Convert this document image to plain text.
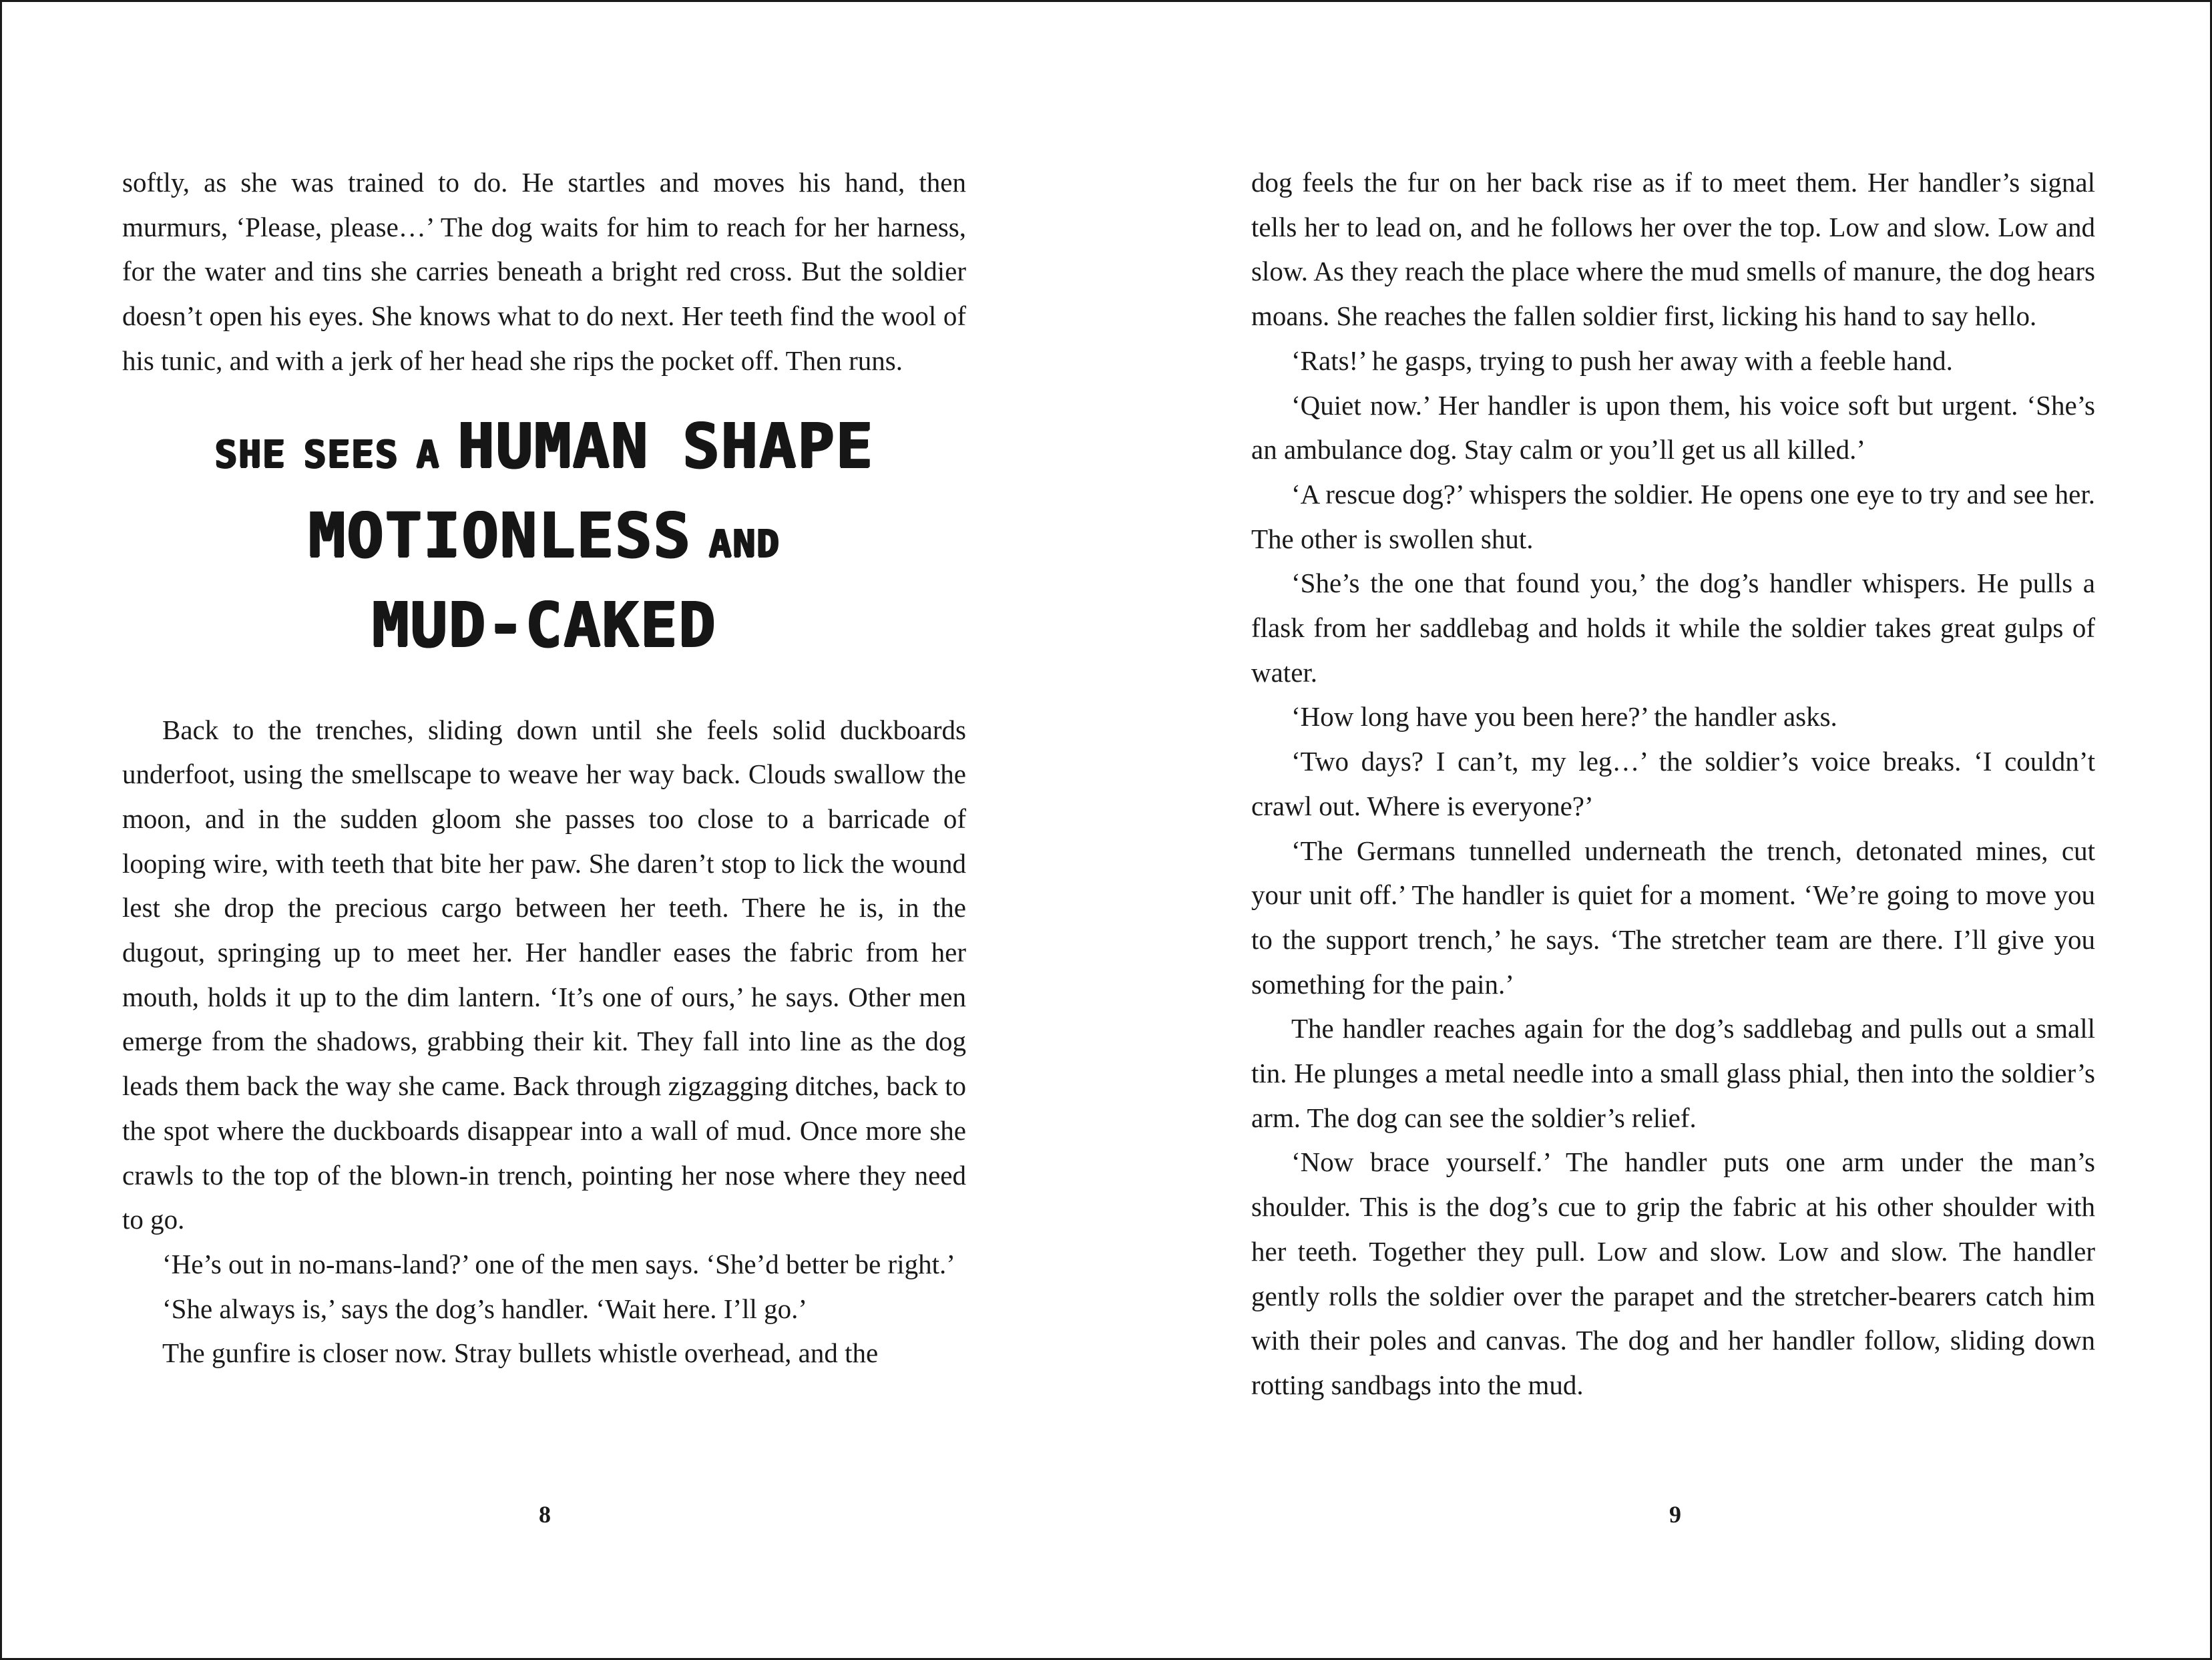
softly, as she was trained to do. He startles and moves his hand, then murmurs, ‘Please, please…’ The dog waits for him to reach for her harness, for the water and tins she carries beneath a bright red cross. But the soldier doesn’t open his eyes. She knows what to do next. Her teeth find the wool of his tunic, and with a jerk of her head she rips the pocket off. Then runs.

SHE SEES A HUMAN SHAPE
MOTIONLESS AND
MUD-CAKED

Back to the trenches, sliding down until she feels solid duckboards underfoot, using the smellscape to weave her way back. Clouds swallow the moon, and in the sudden gloom she passes too close to a barricade of looping wire, with teeth that bite her paw. She daren’t stop to lick the wound lest she drop the precious cargo between her teeth. There he is, in the dugout, springing up to meet her. Her handler eases the fabric from her mouth, holds it up to the dim lantern. ‘It’s one of ours,’ he says. Other men emerge from the shadows, grabbing their kit. They fall into line as the dog leads them back the way she came. Back through zigzagging ditches, back to the spot where the duckboards disappear into a wall of mud. Once more she crawls to the top of the blown-in trench, pointing her nose where they need to go.

‘He’s out in no-mans-land?’ one of the men says. ‘She’d better be right.’

‘She always is,’ says the dog’s handler. ‘Wait here. I’ll go.’

The gunfire is closer now. Stray bullets whistle overhead, and the

8

dog feels the fur on her back rise as if to meet them. Her handler’s signal tells her to lead on, and he follows her over the top. Low and slow. Low and slow. As they reach the place where the mud smells of manure, the dog hears moans. She reaches the fallen soldier first, licking his hand to say hello.

‘Rats!’ he gasps, trying to push her away with a feeble hand.

‘Quiet now.’ Her handler is upon them, his voice soft but urgent. ‘She’s an ambulance dog. Stay calm or you’ll get us all killed.’

‘A rescue dog?’ whispers the soldier. He opens one eye to try and see her. The other is swollen shut.

‘She’s the one that found you,’ the dog’s handler whispers. He pulls a flask from her saddlebag and holds it while the soldier takes great gulps of water.

‘How long have you been here?’ the handler asks.

‘Two days? I can’t, my leg…’ the soldier’s voice breaks. ‘I couldn’t crawl out. Where is everyone?’

‘The Germans tunnelled underneath the trench, detonated mines, cut your unit off.’ The handler is quiet for a moment. ‘We’re going to move you to the support trench,’ he says. ‘The stretcher team are there. I’ll give you something for the pain.’

The handler reaches again for the dog’s saddlebag and pulls out a small tin. He plunges a metal needle into a small glass phial, then into the soldier’s arm. The dog can see the soldier’s relief.

‘Now brace yourself.’ The handler puts one arm under the man’s shoulder. This is the dog’s cue to grip the fabric at his other shoulder with her teeth. Together they pull. Low and slow. Low and slow. The handler gently rolls the soldier over the parapet and the stretcher-bearers catch him with their poles and canvas. The dog and her handler follow, sliding down rotting sandbags into the mud.

9
